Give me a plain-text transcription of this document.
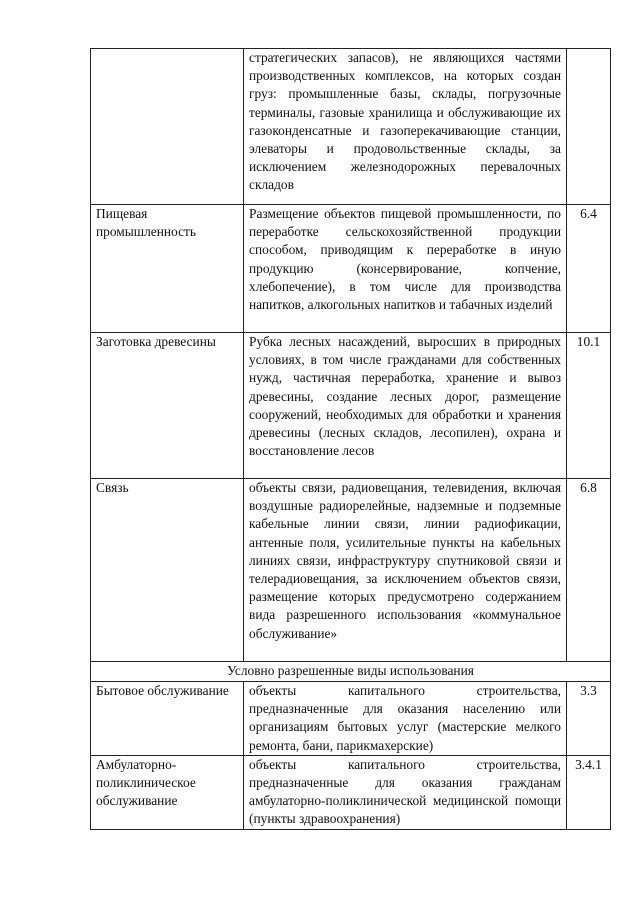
	стратегических запасов), не являющихся частями производственных комплексов, на которых создан груз: промышленные базы, склады, погрузочные терминалы, газовые хранилища и обслуживающие их газоконденсатные и газоперекачивающие станции, элеваторы и продовольственные склады, за исключением железнодорожных перевалочных складов	
Пищевая промышленность	Размещение объектов пищевой промышленности, по переработке сельскохозяйственной продукции способом, приводящим к переработке в иную продукцию (консервирование, копчение, хлебопечение), в том числе для производства напитков, алкогольных напитков и табачных изделий	6.4
Заготовка древесины	Рубка лесных насаждений, выросших в природных условиях, в том числе гражданами для собственных нужд, частичная переработка, хранение и вывоз древесины, создание лесных дорог, размещение сооружений, необходимых для обработки и хранения древесины (лесных складов, лесопилен), охрана и восстановление лесов	10.1
Связь	объекты связи, радиовещания, телевидения, включая воздушные радиорелейные, надземные и подземные кабельные линии связи, линии радиофикации, антенные поля, усилительные пункты на кабельных линиях связи, инфраструктуру спутниковой связи и телерадиовещания, за исключением объектов связи, размещение которых предусмотрено содержанием вида разрешенного использования «коммунальное обслуживание»	6.8
Условно разрешенные виды использования		
Бытовое обслуживание	объекты капитального строительства, предназначенные для оказания населению или организациям бытовых услуг (мастерские мелкого ремонта, бани, парикмахерские)	3.3
Амбулаторно-поликлиническое обслуживание	объекты капитального строительства, предназначенные для оказания гражданам амбулаторно-поликлинической медицинской помощи (пункты здравоохранения)	3.4.1
